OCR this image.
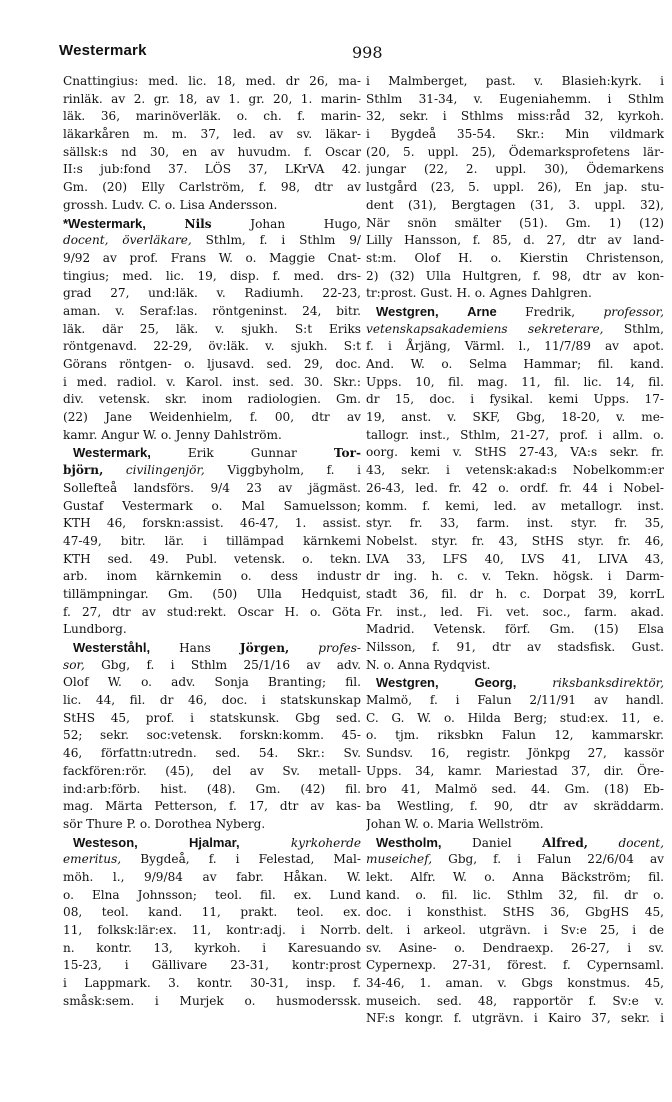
Westermark	998
Cnattingius: med. lic. 18, med. dr 26, ma-
rinläk. av 2. gr. 18, av 1. gr. 20, 1. marin-
läk. 36, marinöverläk. o. ch. f. marin-
läkarkåren m. m. 37, led. av sv. läkar-
sällsk:s nd 30, en av huvudm. f. Oscar
II:s jub:fond 37. LÖS 37, LKrVA 42.
Gm. (20) Elly Carlström, f. 98, dtr av
grossh. Ludv. C. o. Lisa Andersson.
*Westermark,	Nils	Johan Hugo,
docent, överläkare, Sthlm, f. i Sthlm 9/
9/92 av prof. Frans W. o. Maggie Cnat-
tingius; med. lic. 19, disp. f. med. drs-
grad 27, und:läk. v. Radiumh. 22-23,
aman. v. Seraf:las. röntgeninst. 24, bitr.
läk. där 25, läk. v. sjukh. S:t Eriks
röntgenavd. 22-29, öv:läk. v. sjukh. S:t
Görans röntgen- o. ljusavd. sed. 29, doc.
i med. radiol. v. Karol. inst. sed. 30. Skr.:
div. vetensk. skr. inom radiologien. Gm.
(22) Jane Weidenhielm, f. 00, dtr av
kamr. Angur W. o. Jenny Dahlström.
Westermark,	Erik Gunnar	Tor-
björn, civilingenjör, Viggbyholm, f. i
Sollefteå landsförs. 9/4 23 av jägmäst.
Gustaf Vestermark o. Mal Samuelsson;
KTH 46, forskn:assist. 46-47, 1. assist.
47-49, bitr. lär. i tillämpad kärnkemi
KTH sed. 49. Publ. vetensk. o. tekn.
arb. inom kärnkemin o. dess industr
tillämpningar. Gm. (50) Ulla Hedquist,
f. 27, dtr av stud:rekt. Oscar H. o. Göta
Lundborg.
Westerståhl, Hans Jörgen, profes-
sor, Gbg, f. i Sthlm 25/1/16 av adv.
Olof W. o. adv. Sonja Branting; fil.
lic. 44, fil. dr 46, doc. i statskunskap
StHS 45, prof. i statskunsk. Gbg sed.
52; sekr. soc:vetensk. forskn:komm. 45-
46, författn:utredn. sed. 54. Skr.: Sv.
fackfören:rör. (45), del av Sv. metall-
ind:arb:förb. hist. (48). Gm. (42) fil.
mag. Märta Petterson, f. 17, dtr av kas-
sör Thure P. o. Dorothea Nyberg.
Westeson,	Hjalmar,	kyrkoherde
emeritus, Bygdeå, f. i Felestad, Mal-
möh. l., 9/9/84 av fabr. Håkan. W.
o. Elna Johnsson; teol. fil. ex. Lund
08, teol. kand. 11, prakt. teol. ex.
11, folksk:lär:ex. 11, kontr:adj. i Norrb.
n. kontr. 13, kyrkoh. i Karesuando
15-23, i Gällivare 23-31, kontr:prost
i Lappmark. 3. kontr. 30-31, insp. f.
småsk:sem. i Murjek o. husmoderssk.
i Malmberget, past. v. Blasieh:kyrk. i
Sthlm 31-34, v. Eugeniahemm. i Sthlm
32, sekr. i Sthlms miss:råd 32, kyrkoh.
i Bygdeå 35-54. Skr.: Min vildmark
(20, 5. uppl. 25), Ödemarksprofetens lär-
jungar (22, 2. uppl. 30), Ödemarkens
lustgård (23, 5. uppl. 26), En jap. stu-
dent (31), Bergtagen (31, 3. uppl. 32),
När snön smälter (51). Gm. 1) (12)
Lilly Hansson, f. 85, d. 27, dtr av land-
st:m. Olof H. o. Kierstin Christenson,
2) (32) Ulla Hultgren, f. 98, dtr av kon-
tr:prost. Gust. H. o. Agnes Dahlgren.
Westgren, Arne Fredrik, professor,
vetenskapsakademiens sekreterare, Sthlm,
f. i Årjäng, Värml. l., 11/7/89 av apot.
And. W. o. Selma Hammar; fil. kand.
Upps. 10, fil. mag. 11, fil. lic. 14, fil.
dr 15, doc. i fysikal. kemi Upps. 17-
19, anst. v. SKF, Gbg, 18-20, v. me-
tallogr. inst., Sthlm, 21-27, prof. i allm. o.
oorg. kemi v. StHS 27-43, VA:s sekr. fr.
43, sekr. i vetensk:akad:s Nobelkomm:er
26-43, led. fr. 42 o. ordf. fr. 44 i Nobel-
komm. f. kemi, led. av metallogr. inst.
styr. fr. 33, farm. inst. styr. fr. 35,
Nobelst. styr. fr. 43, StHS styr. fr. 46,
LVA 33, LFS 40, LVS 41, LIVA 43,
dr ing. h. c. v. Tekn. högsk. i Darm-
stadt 36, fil. dr h. c. Dorpat 39, korrL
Fr. inst., led. Fi. vet. soc., farm. akad.
Madrid. Vetensk. förf. Gm. (15) Elsa
Nilsson, f. 91, dtr av stadsfisk. Gust.
N. o. Anna Rydqvist.
Westgren,	Georg,	riksbanksdirektör,
Malmö, f. i Falun 2/11/91 av handl.
C. G. W. o. Hilda Berg; stud:ex. 11, e.
o. tjm. riksbkn Falun 12, kammarskr.
Sundsv. 16, registr. Jönkpg 27, kassör
Upps. 34, kamr. Mariestad 37, dir. Öre-
bro 41, Malmö sed. 44. Gm. (18) Eb-
ba Westling, f. 90, dtr av skräddarm.
Johan W. o. Maria Wellström.
Westholm,	Daniel	Alfred,	docent,
museichef, Gbg, f. i Falun 22/6/04 av
lekt. Alfr. W. o. Anna Bäckström; fil.
kand. o. fil. lic. Sthlm 32, fil. dr o.
doc. i konsthist. StHS 36, GbgHS 45,
delt. i arkeol. utgrävn. i Sv:e 25, i de
sv. Asine- o. Dendraexp. 26-27, i sv.
Cypernexp. 27-31, förest. f. Cypernsaml.
34-46, 1. aman. v. Gbgs konstmus. 45,
museich. sed. 48, rapportör f. Sv:e v.
NF:s kongr. f. utgrävn. i Kairo 37, sekr. i
